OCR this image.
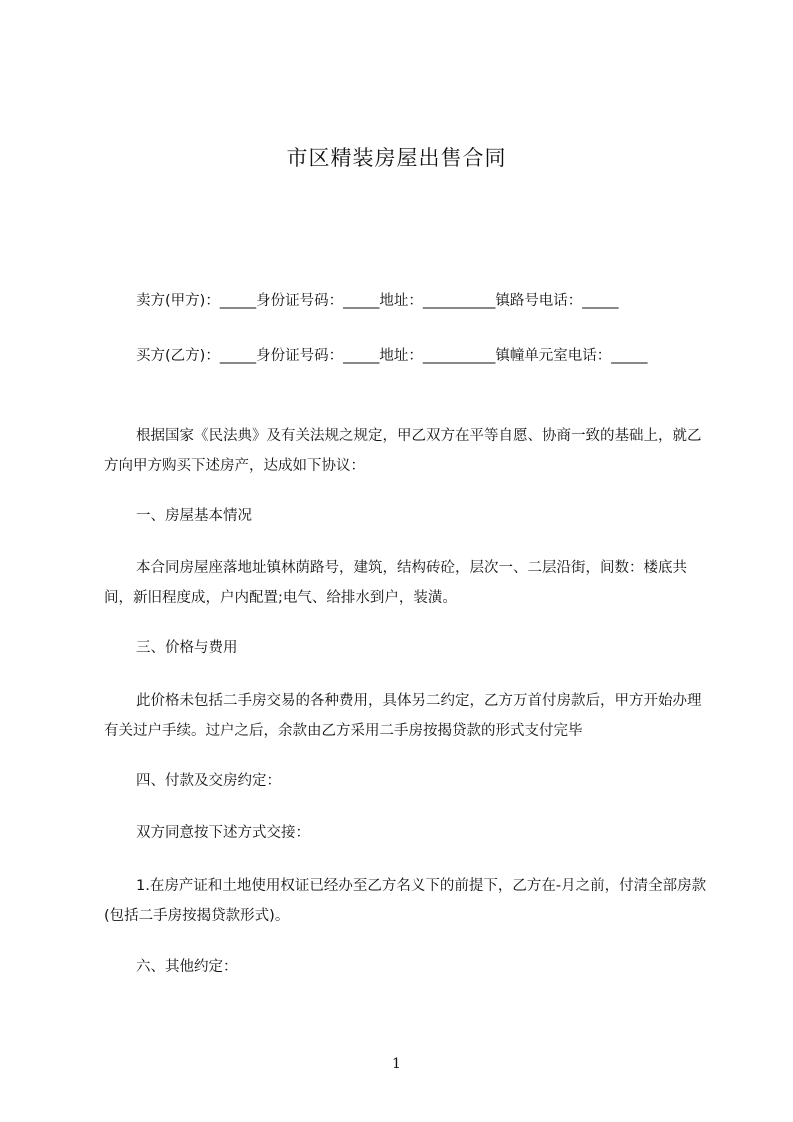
市区精装房屋出售合同
卖方(甲方)：_____身份证号码：_____地址：__________镇路号电话：_____
买方(乙方)：_____身份证号码：_____地址：__________镇幢单元室电话：_____
根据国家《民法典》及有关法规之规定，甲乙双方在平等自愿、协商一致的基础上，就乙方向甲方购买下述房产，达成如下协议：
一、房屋基本情况
本合同房屋座落地址镇林荫路号，建筑，结构砖砼，层次一、二层沿街，间数：楼底共间，新旧程度成，户内配置;电气、给排水到户，装潢。
三、价格与费用
此价格未包括二手房交易的各种费用，具体另二约定，乙方万首付房款后，甲方开始办理有关过户手续。过户之后，余款由乙方采用二手房按揭贷款的形式支付完毕
四、付款及交房约定：
双方同意按下述方式交接：
1.在房产证和土地使用权证已经办至乙方名义下的前提下，乙方在-月之前，付清全部房款(包括二手房按揭贷款形式)。
六、其他约定：
1
